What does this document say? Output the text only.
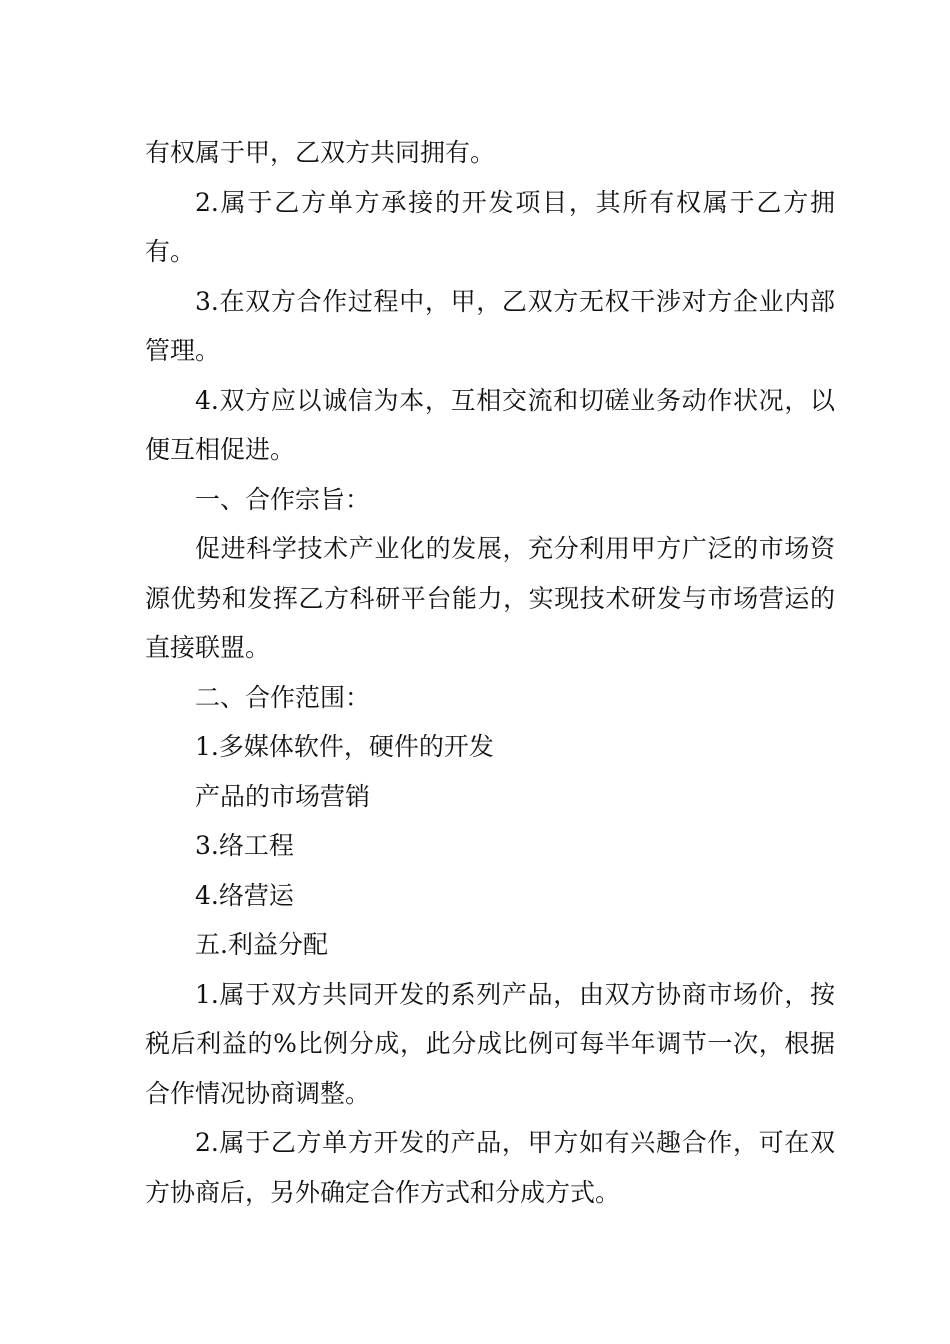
有权属于甲，乙双方共同拥有。

2.属于乙方单方承接的开发项目，其所有权属于乙方拥有。

3.在双方合作过程中，甲，乙双方无权干涉对方企业内部管理。

4.双方应以诚信为本，互相交流和切磋业务动作状况，以便互相促进。

一、合作宗旨：

促进科学技术产业化的发展，充分利用甲方广泛的市场资源优势和发挥乙方科研平台能力，实现技术研发与市场营运的直接联盟。

二、合作范围：

1.多媒体软件，硬件的开发

产品的市场营销

3.络工程

4.络营运

五.利益分配

1.属于双方共同开发的系列产品，由双方协商市场价，按税后利益的%比例分成，此分成比例可每半年调节一次，根据合作情况协商调整。

2.属于乙方单方开发的产品，甲方如有兴趣合作，可在双方协商后，另外确定合作方式和分成方式。
